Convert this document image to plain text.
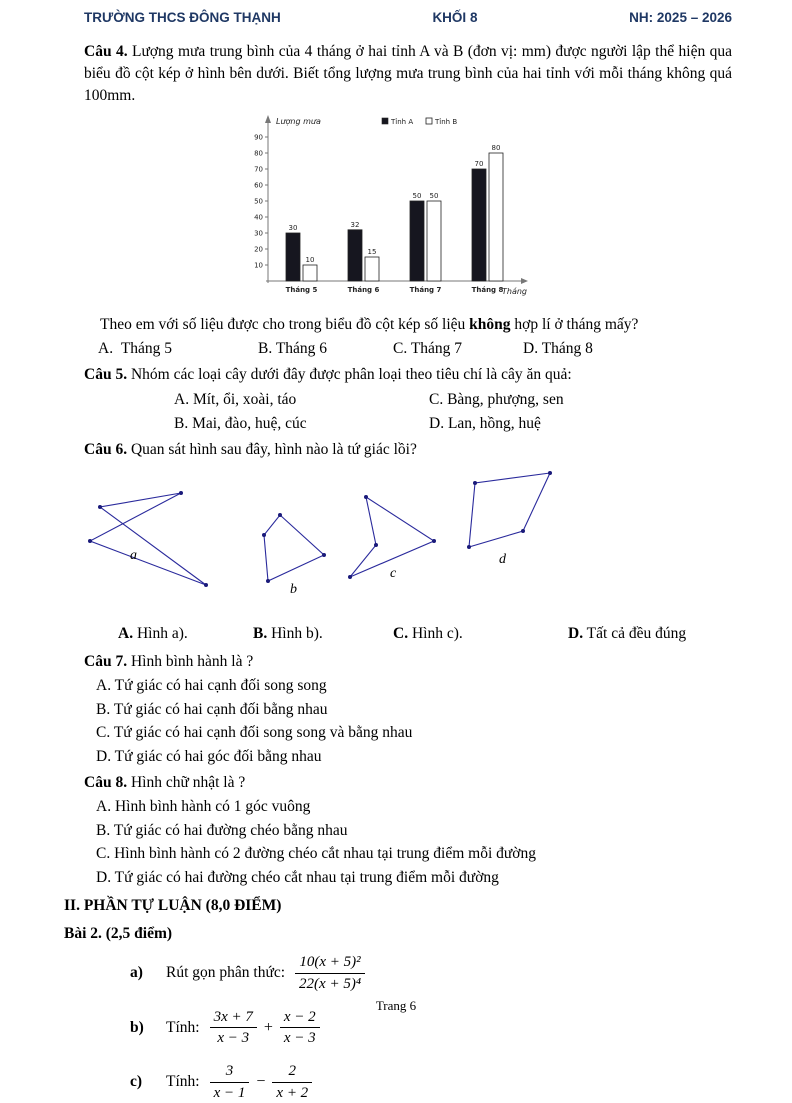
TRƯỜNG THCS ĐÔNG THẠNH	KHỐI 8	NH: 2025 – 2026

Câu 4. Lượng mưa trung bình của 4 tháng ở hai tỉnh A và B (đơn vị: mm) được người lập thể hiện qua biểu đồ cột kép ở hình bên dưới. Biết tổng lượng mưa trung bình của hai tỉnh với mỗi tháng không quá 100mm.

Lượng mưa
Tháng
10
20
30
40
50
60
70
80
90
Tỉnh A	Tỉnh B
30
10
Tháng 5
32
15
Tháng 6
50 50
Tháng 7
70
80
Tháng 8

Theo em với số liệu được cho trong biểu đồ cột kép số liệu không hợp lí ở tháng mấy?

A. Tháng 5	B. Tháng 6	C. Tháng 7	D. Tháng 8

Câu 5. Nhóm các loại cây dưới đây được phân loại theo tiêu chí là cây ăn quả:

A. Mít, ổi, xoài, táo	C. Bàng, phượng, sen
B. Mai, đào, huệ, cúc	D. Lan, hồng, huệ

Câu 6. Quan sát hình sau đây, hình nào là tứ giác lồi?

a
b
c
d
A. Hình a).	B. Hình b).	C. Hình c).	D. Tất cả đều đúng

Câu 7. Hình bình hành là ?

A. Tứ giác có hai cạnh đối song song
B. Tứ giác có hai cạnh đối bằng nhau
C. Tứ giác có hai cạnh đối song song và bằng nhau
D. Tứ giác có hai góc đối bằng nhau

Câu 8. Hình chữ nhật là ?

A. Hình bình hành có 1 góc vuông
B. Tứ giác có hai đường chéo bằng nhau
C. Hình bình hành có 2 đường chéo cắt nhau tại trung điểm mỗi đường
D. Tứ giác có hai đường chéo cắt nhau tại trung điểm mỗi đường
II. PHẦN TỰ LUẬN (8,0 ĐIỂM)
Bài 2. (2,5 điểm)
a)	Rút gọn phân thức: $\frac{\text{10(x + 5)²}}{\text{22(x + 5)⁴}}$
b)	Tính: $\frac{3x + 7}{x - 3} + \frac{x - 2}{x - 3}$
c)	Tính: $\frac{3}{x - 1} - \frac{2}{x + 2}$
Trang 6
